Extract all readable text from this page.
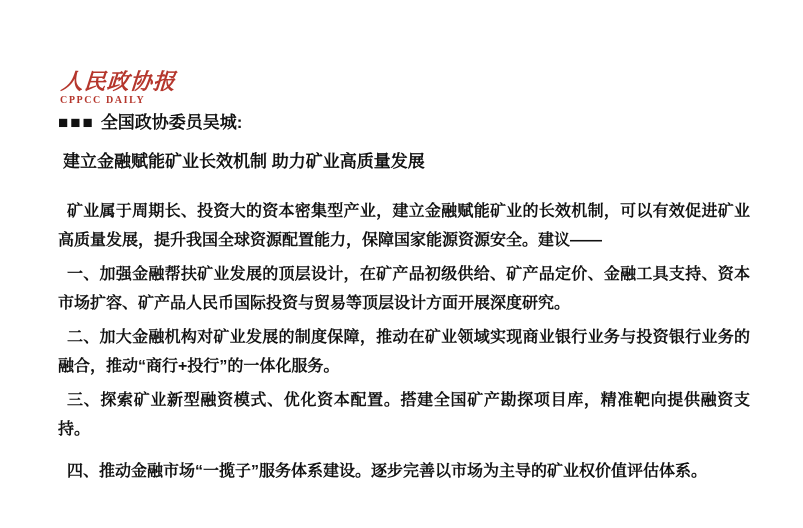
人民政协报
CPPCC DAILY

■■■ 全国政协委员吴城:

建立金融赋能矿业长效机制 助力矿业高质量发展

矿业属于周期长、投资大的资本密集型产业，建立金融赋能矿业的长效机制，可以有效促进矿业高质量发展，提升我国全球资源配置能力，保障国家能源资源安全。建议——

一、加强金融帮扶矿业发展的顶层设计，在矿产品初级供给、矿产品定价、金融工具支持、资本市场扩容、矿产品人民币国际投资与贸易等顶层设计方面开展深度研究。

二、加大金融机构对矿业发展的制度保障，推动在矿业领域实现商业银行业务与投资银行业务的融合，推动“商行+投行”的一体化服务。

三、探索矿业新型融资模式、优化资本配置。搭建全国矿产勘探项目库，精准靶向提供融资支持。

四、推动金融市场“一揽子”服务体系建设。逐步完善以市场为主导的矿业权价值评估体系。
